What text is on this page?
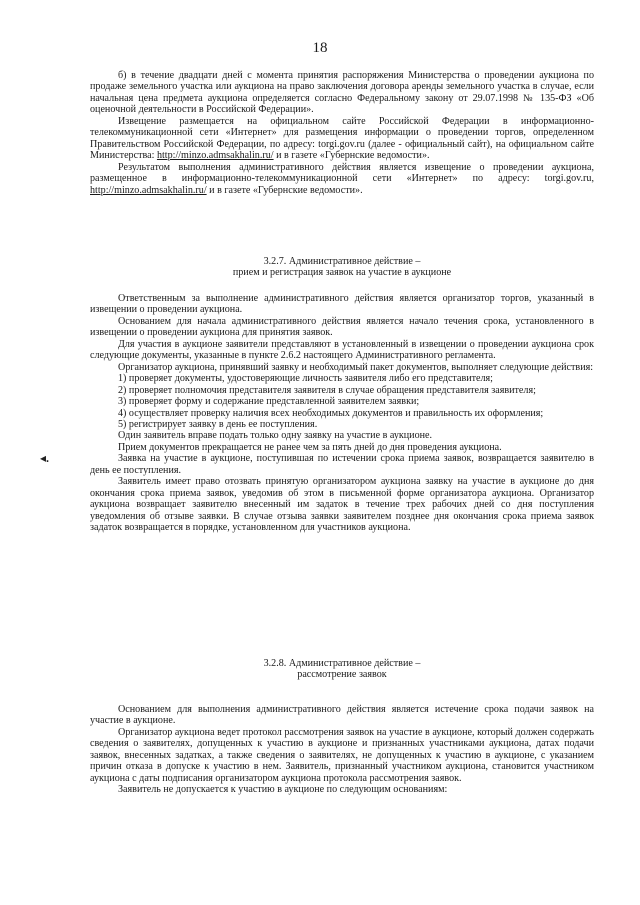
18
◂.

б) в течение двадцати дней с момента принятия распоряжения Министерства о проведении аукциона по продаже земельного участка или аукциона на право заключения договора аренды земельного участка в случае, если начальная цена предмета аукциона определяется согласно Федеральному закону от 29.07.1998 № 135-ФЗ «Об оценочной деятельности в Российской Федерации».

Извещение размещается на официальном сайте Российской Федерации в информационно-телекоммуникационной сети «Интернет» для размещения информации о проведении торгов, определенном Правительством Российской Федерации, по адресу: torgi.gov.ru (далее - официальный сайт), на официальном сайте Министерства: http://minzo.admsakhalin.ru/ и в газете «Губернские ведомости».

Результатом выполнения административного действия является извещение о проведении аукциона, размещенное в информационно-телекоммуникационной сети «Интернет» по адресу: torgi.gov.ru, http://minzo.admsakhalin.ru/ и в газете «Губернские ведомости».

3.2.7. Административное действие –

прием и регистрация заявок на участие в аукционе

Ответственным за выполнение административного действия является организатор торгов, указанный в извещении о проведении аукциона.

Основанием для начала административного действия является начало течения срока, установленного в извещении о проведении аукциона для принятия заявок.

Для участия в аукционе заявители представляют в установленный в извещении о проведении аукциона срок следующие документы, указанные в пункте 2.6.2 настоящего Административного регламента.

Организатор аукциона, принявший заявку и необходимый пакет документов, выполняет следующие действия:

1) проверяет документы, удостоверяющие личность заявителя либо его представителя;

2) проверяет полномочия представителя заявителя в случае обращения представителя заявителя;

3) проверяет форму и содержание представленной заявителем заявки;

4) осуществляет проверку наличия всех необходимых документов и правильность их оформления;

5) регистрирует заявку в день ее поступления.

Один заявитель вправе подать только одну заявку на участие в аукционе.

Прием документов прекращается не ранее чем за пять дней до дня проведения аукциона.

Заявка на участие в аукционе, поступившая по истечении срока приема заявок, возвращается заявителю в день ее поступления.

Заявитель имеет право отозвать принятую организатором аукциона заявку на участие в аукционе до дня окончания срока приема заявок, уведомив об этом в письменной форме организатора аукциона. Организатор аукциона возвращает заявителю внесенный им задаток в течение трех рабочих дней со дня поступления уведомления об отзыве заявки. В случае отзыва заявки заявителем позднее дня окончания срока приема заявок задаток возвращается в порядке, установленном для участников аукциона.

3.2.8. Административное действие –

рассмотрение заявок

Основанием для выполнения административного действия является истечение срока подачи заявок на участие в аукционе.

Организатор аукциона ведет протокол рассмотрения заявок на участие в аукционе, который должен содержать сведения о заявителях, допущенных к участию в аукционе и признанных участниками аукциона, датах подачи заявок, внесенных задатках, а также сведения о заявителях, не допущенных к участию в аукционе, с указанием причин отказа в допуске к участию в нем. Заявитель, признанный участником аукциона, становится участником аукциона с даты подписания организатором аукциона протокола рассмотрения заявок.

Заявитель не допускается к участию в аукционе по следующим основаниям:
